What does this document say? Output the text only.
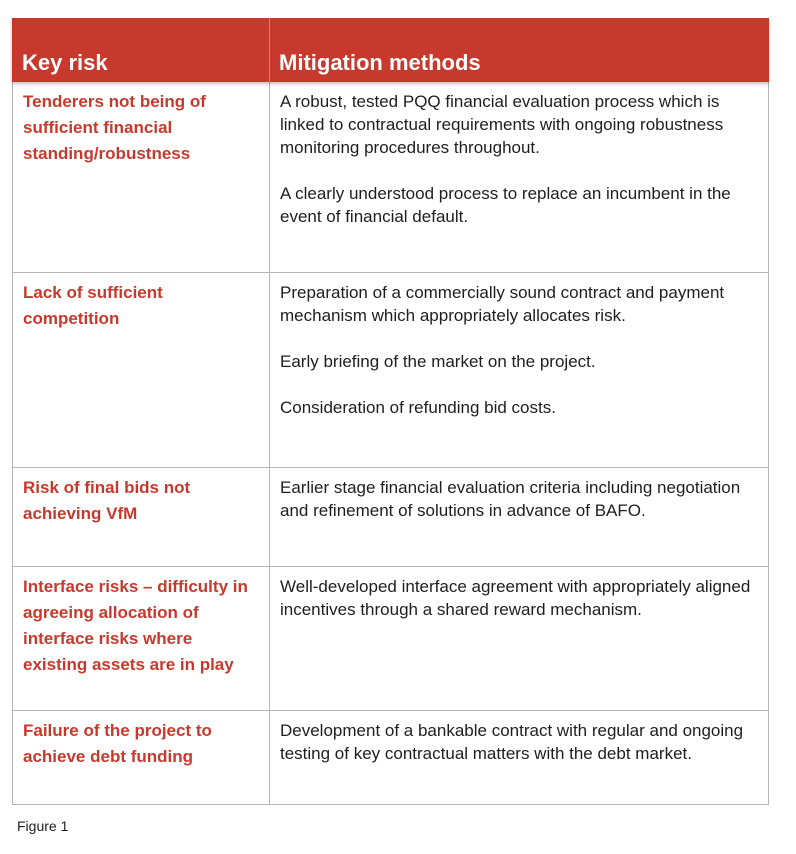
Key risk	Mitigation methods
Tenderers not being of sufficient financial standing/robustness

A robust, tested PQQ financial evaluation process which is linked to contractual requirements with ongoing robustness monitoring procedures throughout.

A clearly understood process to replace an incumbent in the event of financial default.

Lack of sufficient competition

Preparation of a commercially sound contract and payment mechanism which appropriately allocates risk.

Early briefing of the market on the project.

Consideration of refunding bid costs.

Risk of final bids not achieving VfM

Earlier stage financial evaluation criteria including negotiation and refinement of solutions in advance of BAFO.

Interface risks – difficulty in agreeing allocation of interface risks where existing assets are in play

Well-developed interface agreement with appropriately aligned incentives through a shared reward mechanism.

Failure of the project to achieve debt funding

Development of a bankable contract with regular and ongoing testing of key contractual matters with the debt market.

Figure 1
